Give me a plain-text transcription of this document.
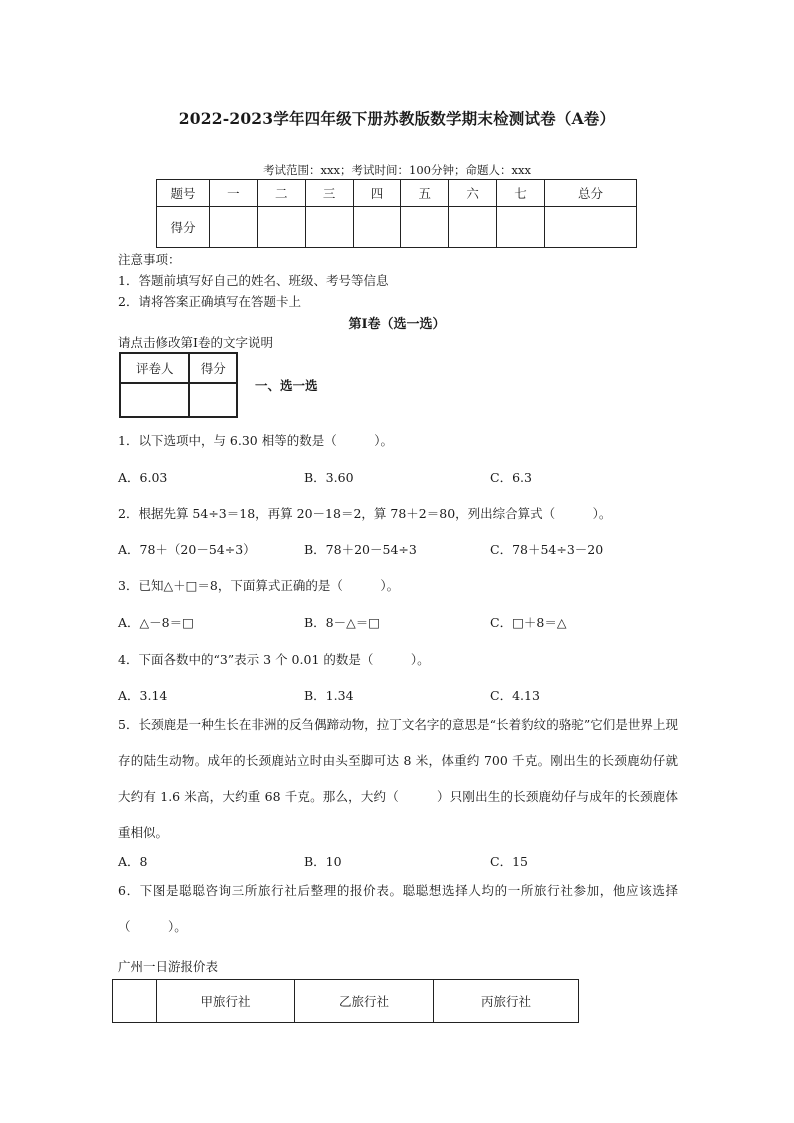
2022-2023学年四年级下册苏教版数学期末检测试卷（A卷）
考试范围：xxx；考试时间：100分钟；命题人：xxx
题号	一	二	三	四	五	六	七	总分
得分								
注意事项：
1．答题前填写好自己的姓名、班级、考号等信息
2．请将答案正确填写在答题卡上
第I卷（选一选）
请点击修改第I卷的文字说明
评卷人	得分

一、选一选
1．以下选项中，与 6.30 相等的数是（　　　）。
A．6.03	B．3.60	C．6.3
2．根据先算 54÷3＝18，再算 20－18＝2，算 78＋2＝80，列出综合算式（　　　）。
A．78＋（20－54÷3）	B．78＋20－54÷3	C．78＋54÷3－20
3．已知△＋□＝8，下面算式正确的是（　　　）。
A．△－8＝□	B．8－△＝□	C．□＋8＝△
4．下面各数中的“3”表示 3 个 0.01 的数是（　　　）。
A．3.14	B．1.34	C．4.13
5．长颈鹿是一种生长在非洲的反刍偶蹄动物，拉丁文名字的意思是“长着豹纹的骆驼”它们是世界上现存的陆生动物。成年的长颈鹿站立时由头至脚可达 8 米，体重约 700 千克。刚出生的长颈鹿幼仔就大约有 1.6 米高，大约重 68 千克。那么，大约（　　　）只刚出生的长颈鹿幼仔与成年的长颈鹿体重相似。
A．8	B．10	C．15
6．下图是聪聪咨询三所旅行社后整理的报价表。聪聪想选择人均的一所旅行社参加，他应该选择（　　　）。
广州一日游报价表
	甲旅行社	乙旅行社	丙旅行社
